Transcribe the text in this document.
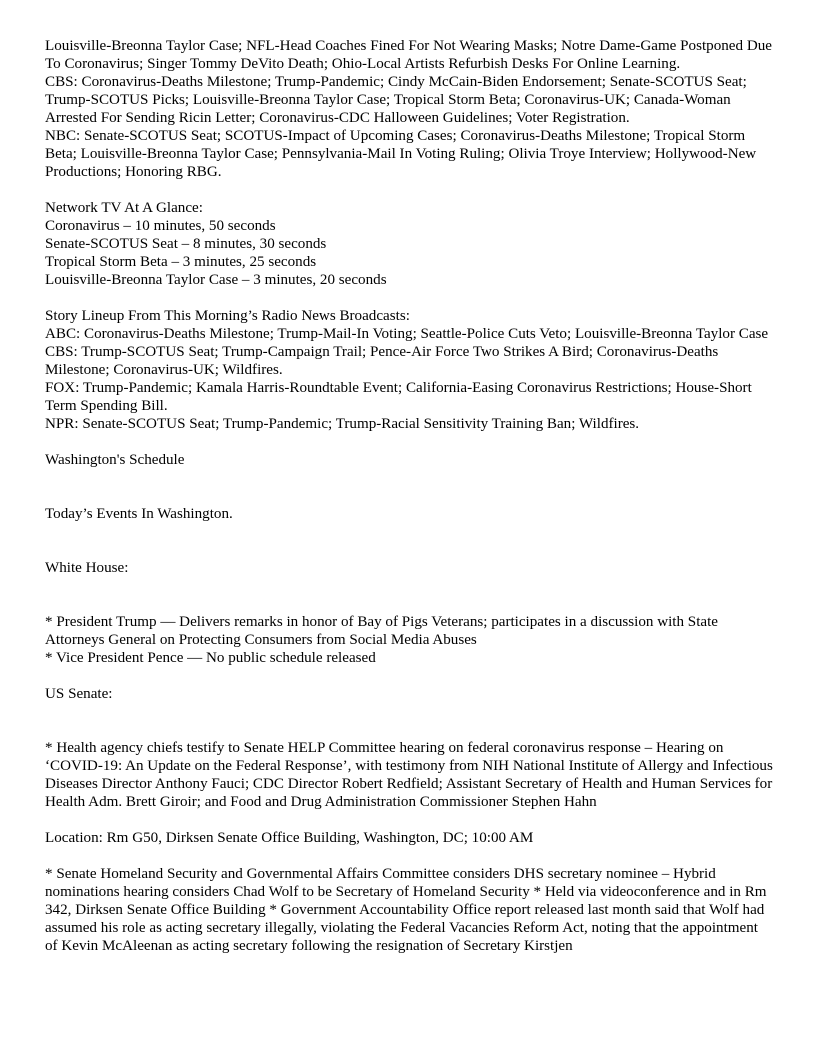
Louisville-Breonna Taylor Case; NFL-Head Coaches Fined For Not Wearing Masks; Notre Dame-Game Postponed Due To Coronavirus; Singer Tommy DeVito Death; Ohio-Local Artists Refurbish Desks For Online Learning.
CBS: Coronavirus-Deaths Milestone; Trump-Pandemic; Cindy McCain-Biden Endorsement; Senate-SCOTUS Seat; Trump-SCOTUS Picks; Louisville-Breonna Taylor Case; Tropical Storm Beta; Coronavirus-UK; Canada-Woman Arrested For Sending Ricin Letter; Coronavirus-CDC Halloween Guidelines; Voter Registration.
NBC: Senate-SCOTUS Seat; SCOTUS-Impact of Upcoming Cases; Coronavirus-Deaths Milestone; Tropical Storm Beta; Louisville-Breonna Taylor Case; Pennsylvania-Mail In Voting Ruling; Olivia Troye Interview; Hollywood-New Productions; Honoring RBG.
Network TV At A Glance:
Coronavirus – 10 minutes, 50 seconds
Senate-SCOTUS Seat – 8 minutes, 30 seconds
Tropical Storm Beta – 3 minutes, 25 seconds
Louisville-Breonna Taylor Case – 3 minutes, 20 seconds
Story Lineup From This Morning’s Radio News Broadcasts:
ABC: Coronavirus-Deaths Milestone; Trump-Mail-In Voting; Seattle-Police Cuts Veto; Louisville-Breonna Taylor Case
CBS: Trump-SCOTUS Seat; Trump-Campaign Trail; Pence-Air Force Two Strikes A Bird; Coronavirus-Deaths Milestone; Coronavirus-UK; Wildfires.
FOX: Trump-Pandemic; Kamala Harris-Roundtable Event; California-Easing Coronavirus Restrictions; House-Short Term Spending Bill.
NPR: Senate-SCOTUS Seat; Trump-Pandemic; Trump-Racial Sensitivity Training Ban; Wildfires.
Washington's Schedule
Today’s Events In Washington.
White House:
* President Trump — Delivers remarks in honor of Bay of Pigs Veterans; participates in a discussion with State Attorneys General on Protecting Consumers from Social Media Abuses
* Vice President Pence — No public schedule released
US Senate:
* Health agency chiefs testify to Senate HELP Committee hearing on federal coronavirus response – Hearing on ‘COVID-19: An Update on the Federal Response’, with testimony from NIH National Institute of Allergy and Infectious Diseases Director Anthony Fauci; CDC Director Robert Redfield; Assistant Secretary of Health and Human Services for Health Adm. Brett Giroir; and Food and Drug Administration Commissioner Stephen Hahn
Location: Rm G50, Dirksen Senate Office Building, Washington, DC; 10:00 AM
* Senate Homeland Security and Governmental Affairs Committee considers DHS secretary nominee – Hybrid nominations hearing considers Chad Wolf to be Secretary of Homeland Security * Held via videoconference and in Rm 342, Dirksen Senate Office Building * Government Accountability Office report released last month said that Wolf had assumed his role as acting secretary illegally, violating the Federal Vacancies Reform Act, noting that the appointment of Kevin McAleenan as acting secretary following the resignation of Secretary Kirstjen
